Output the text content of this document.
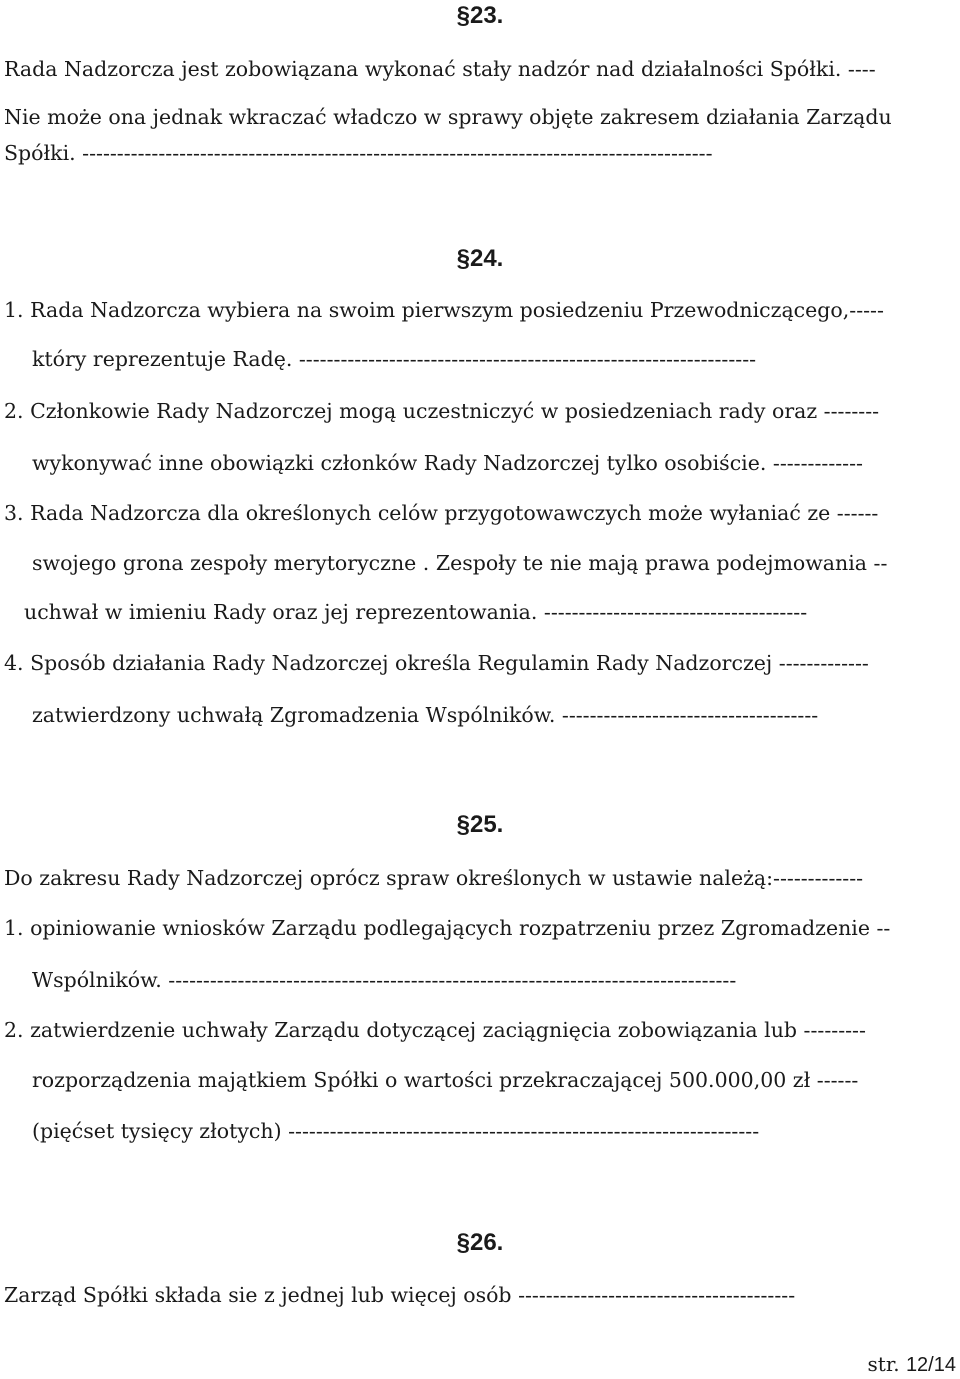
§23.
Rada Nadzorcza jest zobowiązana wykonać stały nadzór nad działalności Spółki. ----
Nie może ona jednak wkraczać władczo w sprawy objęte zakresem działania Zarządu
Spółki. -------------------------------------------------------------------------------------------
§24.
1. Rada Nadzorcza wybiera na swoim pierwszym posiedzeniu Przewodniczącego,-----
który reprezentuje Radę. ------------------------------------------------------------------
2. Członkowie Rady Nadzorczej mogą uczestniczyć w posiedzeniach rady oraz --------
wykonywać inne obowiązki członków Rady Nadzorczej tylko osobiście. -------------
3. Rada Nadzorcza dla określonych celów przygotowawczych może wyłaniać ze ------
swojego grona zespoły merytoryczne . Zespoły te nie mają prawa podejmowania --
uchwał w imieniu Rady oraz jej reprezentowania. --------------------------------------
4. Sposób działania Rady Nadzorczej określa Regulamin Rady Nadzorczej -------------
zatwierdzony uchwałą Zgromadzenia Wspólników. -------------------------------------
§25.
Do zakresu Rady Nadzorczej oprócz spraw określonych w ustawie należą:-------------
1. opiniowanie wniosków Zarządu podlegających rozpatrzeniu przez Zgromadzenie --
Wspólników. ----------------------------------------------------------------------------------
2. zatwierdzenie uchwały Zarządu dotyczącej zaciągnięcia zobowiązania lub ---------
rozporządzenia majątkiem Spółki o wartości przekraczającej 500.000,00 zł ------
(pięćset tysięcy złotych) --------------------------------------------------------------------
§26.
Zarząd Spółki składa sie z jednej lub więcej osób ----------------------------------------
str. 12/14
